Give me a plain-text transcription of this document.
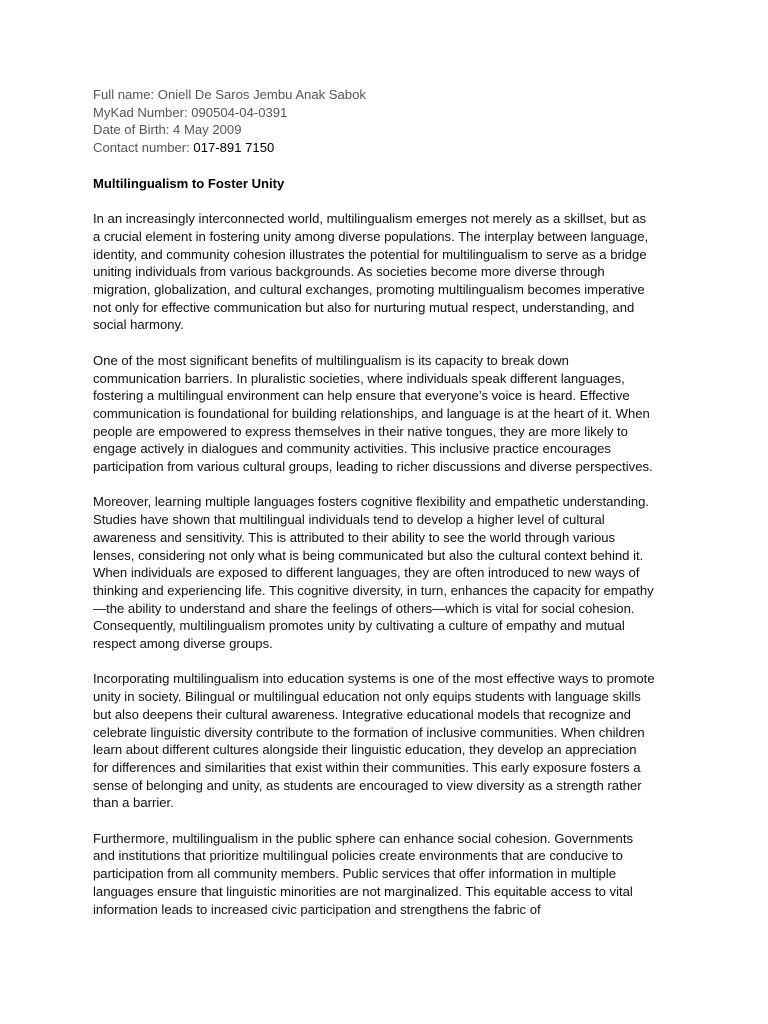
Full name: Oniell De Saros Jembu Anak Sabok
MyKad Number: 090504-04-0391
Date of Birth: 4 May 2009
Contact number: 017-891 7150
Multilingualism to Foster Unity

In an increasingly interconnected world, multilingualism emerges not merely as a skillset, but as a crucial element in fostering unity among diverse populations. The interplay between language, identity, and community cohesion illustrates the potential for multilingualism to serve as a bridge uniting individuals from various backgrounds. As societies become more diverse through migration, globalization, and cultural exchanges, promoting multilingualism becomes imperative not only for effective communication but also for nurturing mutual respect, understanding, and social harmony.

One of the most significant benefits of multilingualism is its capacity to break down communication barriers. In pluralistic societies, where individuals speak different languages, fostering a multilingual environment can help ensure that everyone’s voice is heard. Effective communication is foundational for building relationships, and language is at the heart of it. When people are empowered to express themselves in their native tongues, they are more likely to engage actively in dialogues and community activities. This inclusive practice encourages participation from various cultural groups, leading to richer discussions and diverse perspectives.

Moreover, learning multiple languages fosters cognitive flexibility and empathetic understanding. Studies have shown that multilingual individuals tend to develop a higher level of cultural awareness and sensitivity. This is attributed to their ability to see the world through various lenses, considering not only what is being communicated but also the cultural context behind it. When individuals are exposed to different languages, they are often introduced to new ways of thinking and experiencing life. This cognitive diversity, in turn, enhances the capacity for empathy—the ability to understand and share the feelings of others—which is vital for social cohesion. Consequently, multilingualism promotes unity by cultivating a culture of empathy and mutual respect among diverse groups.

Incorporating multilingualism into education systems is one of the most effective ways to promote unity in society. Bilingual or multilingual education not only equips students with language skills but also deepens their cultural awareness. Integrative educational models that recognize and celebrate linguistic diversity contribute to the formation of inclusive communities. When children learn about different cultures alongside their linguistic education, they develop an appreciation for differences and similarities that exist within their communities. This early exposure fosters a sense of belonging and unity, as students are encouraged to view diversity as a strength rather than a barrier.

Furthermore, multilingualism in the public sphere can enhance social cohesion. Governments and institutions that prioritize multilingual policies create environments that are conducive to participation from all community members. Public services that offer information in multiple languages ensure that linguistic minorities are not marginalized. This equitable access to vital information leads to increased civic participation and strengthens the fabric of
